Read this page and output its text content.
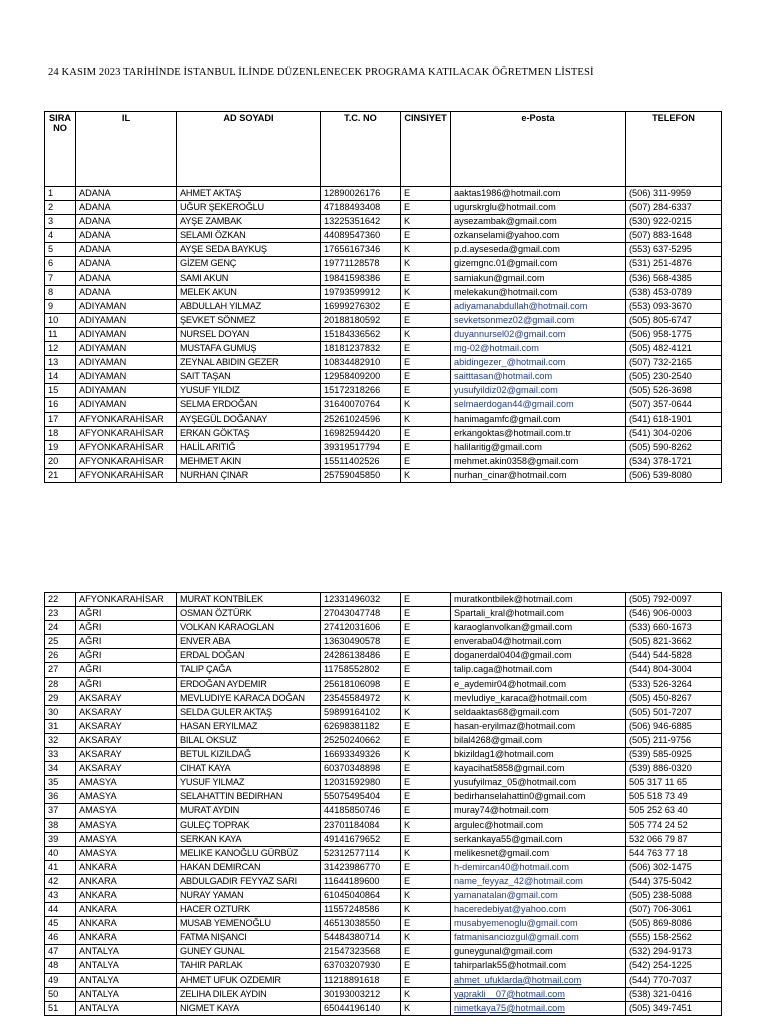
24 KASIM 2023 TARİHİNDE İSTANBUL İLİNDE DÜZENLENECEK PROGRAMA KATILACAK ÖĞRETMEN LİSTESİ
SIRA NO	IL	AD SOYADI	T.C. NO	CINSIYET	e-Posta	TELEFON
1	ADANA	AHMET AKTAŞ	12890026176	E	aaktas1986@hotmail.com	(506) 311-9959
2	ADANA	UĞUR ŞEKEROĞLU	47188493408	E	ugurskrglu@hotmail.com	(507) 284-6337
3	ADANA	AYŞE ZAMBAK	13225351642	K	aysezambak@gmail.com	(530) 922-0215
4	ADANA	SELAMI ÖZKAN	44089547360	E	ozkanselami@yahoo.com	(507) 883-1648
5	ADANA	AYŞE SEDA BAYKUŞ	17656167346	K	p.d.ayseseda@gmail.com	(553) 637-5295
6	ADANA	GİZEM GENÇ	19771128578	K	gizemgnc.01@gmail.com	(531) 251-4876
7	ADANA	SAMI AKUN	19841598386	E	samiakun@gmail.com	(536) 568-4385
8	ADANA	MELEK AKUN	19793599912	K	melekakun@hotmail.com	(538) 453-0789
9	ADIYAMAN	ABDULLAH YILMAZ	16999276302	E	adiyamanabdullah@hotmail.com	(553) 093-3670
10	ADIYAMAN	ŞEVKET SÖNMEZ	20188180592	E	sevketsonmez02@gmail.com	(505) 805-6747
11	ADIYAMAN	NURSEL DOYAN	15184336562	K	duyannursel02@gmail.com	(506) 958-1775
12	ADIYAMAN	MUSTAFA GUMUŞ	18181237832	E	mg-02@hotmail.com	(505) 482-4121
13	ADIYAMAN	ZEYNAL ABIDIN GEZER	10834482910	E	abidingezer_@hotmail.com	(507) 732-2165
14	ADIYAMAN	SAIT TAŞAN	12958409200	E	saitttasan@hotmail.com	(505) 230-2540
15	ADIYAMAN	YUSUF YILDIZ	15172318266	E	yusufyildiz02@gmail.com	(505) 526-3698
16	ADIYAMAN	SELMA ERDOĞAN	31640070764	K	selmaerdogan44@gmail.com	(507) 357-0644
17	AFYONKARAHİSAR	AYŞEGÜL DOĞANAY	25261024596	K	hanimagamfc@gmail.com	(541) 618-1901
18	AFYONKARAHİSAR	ERKAN GÖKTAŞ	16982594420	E	erkangoktas@hotmail.com.tr	(541) 304-0206
19	AFYONKARAHİSAR	HALİL ARITIĞ	39319517794	E	haliIaritig@gmail.com	(505) 590-8262
20	AFYONKARAHİSAR	MEHMET AKIN	15511402526	E	mehmet.akin0358@gmail.com	(534) 378-1721
21	AFYONKARAHİSAR	NURHAN ÇINAR	25759045850	K	nurhan_cinar@hotmail.com	(506) 539-8080
22	AFYONKARAHİSAR	MURAT KONTBİLEK	12331496032	E	muratkontbilek@hotmail.com	(505) 792-0097
23	AĞRI	OSMAN ÖZTÜRK	27043047748	E	Spartali_kral@hotmail.com	(546) 906-0003
24	AĞRI	VOLKAN KARAOGLAN	27412031606	E	karaoglanvolkan@gmail.com	(533) 660-1673
25	AĞRI	ENVER ABA	13630490578	E	enveraba04@hotmail.com	(505) 821-3662
26	AĞRI	ERDAL DOĞAN	24286138486	E	doganerdal0404@gmail.com	(544) 544-5828
27	AĞRI	TALIP ÇAĞA	11758552802	E	talip.caga@hotmail.com	(544) 804-3004
28	AĞRI	ERDOĞAN AYDEMIR	25618106098	E	e_aydemir04@hotmail.com	(533) 526-3264
29	AKSARAY	MEVLUDIYE KARACA DOĞAN	23545584972	K	mevludiye_karaca@hotmail.com	(505) 450-8267
30	AKSARAY	SELDA GULER AKTAŞ	59899164102	K	seldaaktas68@gmail.com	(505) 501-7207
31	AKSARAY	HASAN ERYILMAZ	62698381182	E	hasan-eryilmaz@hotmail.com	(506) 946-6885
32	AKSARAY	BILAL OKSUZ	25250240662	E	bilal4268@gmail.com	(505) 211-9756
33	AKSARAY	BETUL KIZILDAĞ	16693349326	K	bkizildag1@hotmail.com	(539) 585-0925
34	AKSARAY	CIHAT KAYA	60370348898	E	kayacihat5858@gmail.com	(539) 886-0320
35	AMASYA	YUSUF YILMAZ	12031592980	E	yusufyilmaz_05@hotmail.com	505 317 11 65
36	AMASYA	SELAHATTIN BEDIRHAN	55075495404	E	bedirhanselahattin0@gmail.com	505 518 73 49
37	AMASYA	MURAT AYDIN	44185850746	E	muray74@hotmail.com	505 252 63 40
38	AMASYA	GULEÇ TOPRAK	23701184084	K	argulec@hotmail.com	505 774 24 52
39	AMASYA	SERKAN KAYA	49141679652	E	serkankaya55@gmail.com	532 066 79 87
40	AMASYA	MELIKE KANOĞLU GÜRBÜZ	52312577114	K	melikesnet@gmail.com	544 763 77 18
41	ANKARA	HAKAN DEMIRCAN	31423986770	E	h-demircan40@hotmail.com	(506) 302-1475
42	ANKARA	ABDULGADIR FEYYAZ SARI	11644189600	E	name_feyyaz_42@hotmail.com	(544) 375-5042
43	ANKARA	NURAY YAMAN	61045040864	K	yamanatalan@gmail.com	(505) 238-5088
44	ANKARA	HACER OZTURK	11557248586	K	haceredebiyat@yahoo.com	(507) 706-3061
45	ANKARA	MUSAB YEMENOĞLU	46513038550	E	musabyemenoglu@gmail.com	(505) 869-8086
46	ANKARA	FATMA NIŞANCI	54484380714	K	fatmanisanciozgul@gmail.com	(555) 158-2562
47	ANTALYA	GUNEY GUNAL	21547323568	E	guneygunal@gmail.com	(532) 294-9173
48	ANTALYA	TAHIR PARLAK	63703207930	E	tahirparlak55@hotmail.com	(542) 254-1225
49	ANTALYA	AHMET UFUK OZDEMIR	11218891618	E	ahmet_ufuklarda@hotmail.com	(544) 770-7037
50	ANTALYA	ZELIHA DILEK AYDIN	30193003212	K	yaprakli__07@hotmail.com	(538) 321-0416
51	ANTALYA	NIGMET KAYA	65044196140	K	nimetkaya75@hotmail.com	(505) 349-7451
